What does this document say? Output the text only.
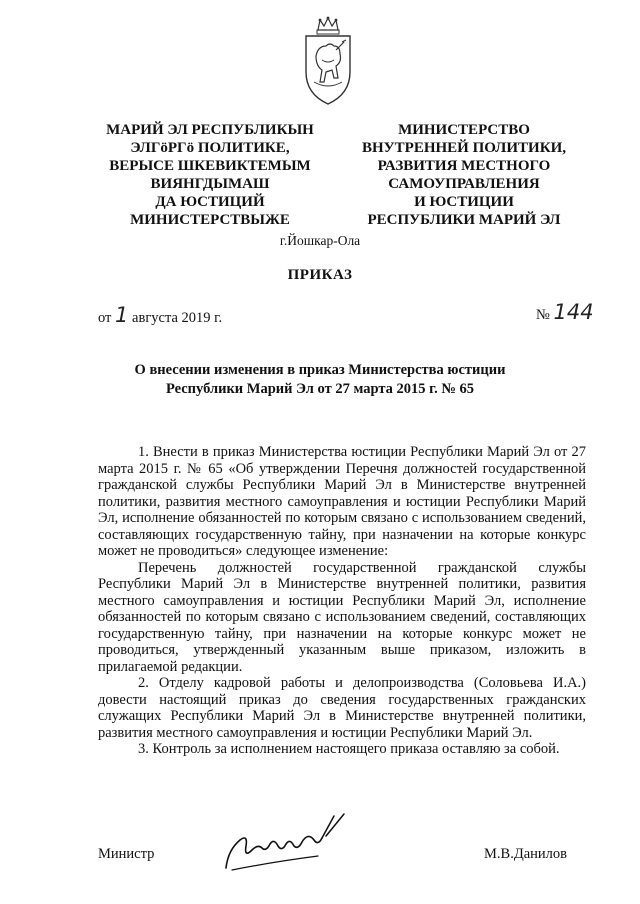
МАРИЙ ЭЛ РЕСПУБЛИКЫН
ЭЛГӧРГӧ ПОЛИТИКЕ,
ВЕРЫСЕ ШКЕВИКТЕМЫМ
ВИЯНГДЫМАШ
ДА ЮСТИЦИЙ
МИНИСТЕРСТВЫЖЕ
МИНИСТЕРСТВО
ВНУТРЕННЕЙ ПОЛИТИКИ,
РАЗВИТИЯ МЕСТНОГО
САМОУПРАВЛЕНИЯ
И ЮСТИЦИИ
РЕСПУБЛИКИ МАРИЙ ЭЛ
г.Йошкар-Ола
ПРИКАЗ
от 1 августа 2019 г.	№ 144
О внесении изменения в приказ Министерства юстиции
Республики Марий Эл от 27 марта 2015 г. № 65

1. Внести в приказ Министерства юстиции Республики Марий Эл от 27 марта 2015 г. № 65 «Об утверждении Перечня должностей государственной гражданской службы Республики Марий Эл в Министерстве внутренней политики, развития местного самоуправления и юстиции Республики Марий Эл, исполнение обязанностей по которым связано с использованием сведений, составляющих государственную тайну, при назначении на которые конкурс может не проводиться» следующее изменение:

Перечень должностей государственной гражданской службы Республики Марий Эл в Министерстве внутренней политики, развития местного самоуправления и юстиции Республики Марий Эл, исполнение обязанностей по которым связано с использованием сведений, составляющих государственную тайну, при назначении на которые конкурс может не проводиться, утвержденный указанным выше приказом, изложить в прилагаемой редакции.

2. Отделу кадровой работы и делопроизводства (Соловьева И.А.) довести настоящий приказ до сведения государственных гражданских служащих Республики Марий Эл в Министерстве внутренней политики, развития местного самоуправления и юстиции Республики Марий Эл.

3. Контроль за исполнением настоящего приказа оставляю за собой.

Министр	М.В.Данилов
